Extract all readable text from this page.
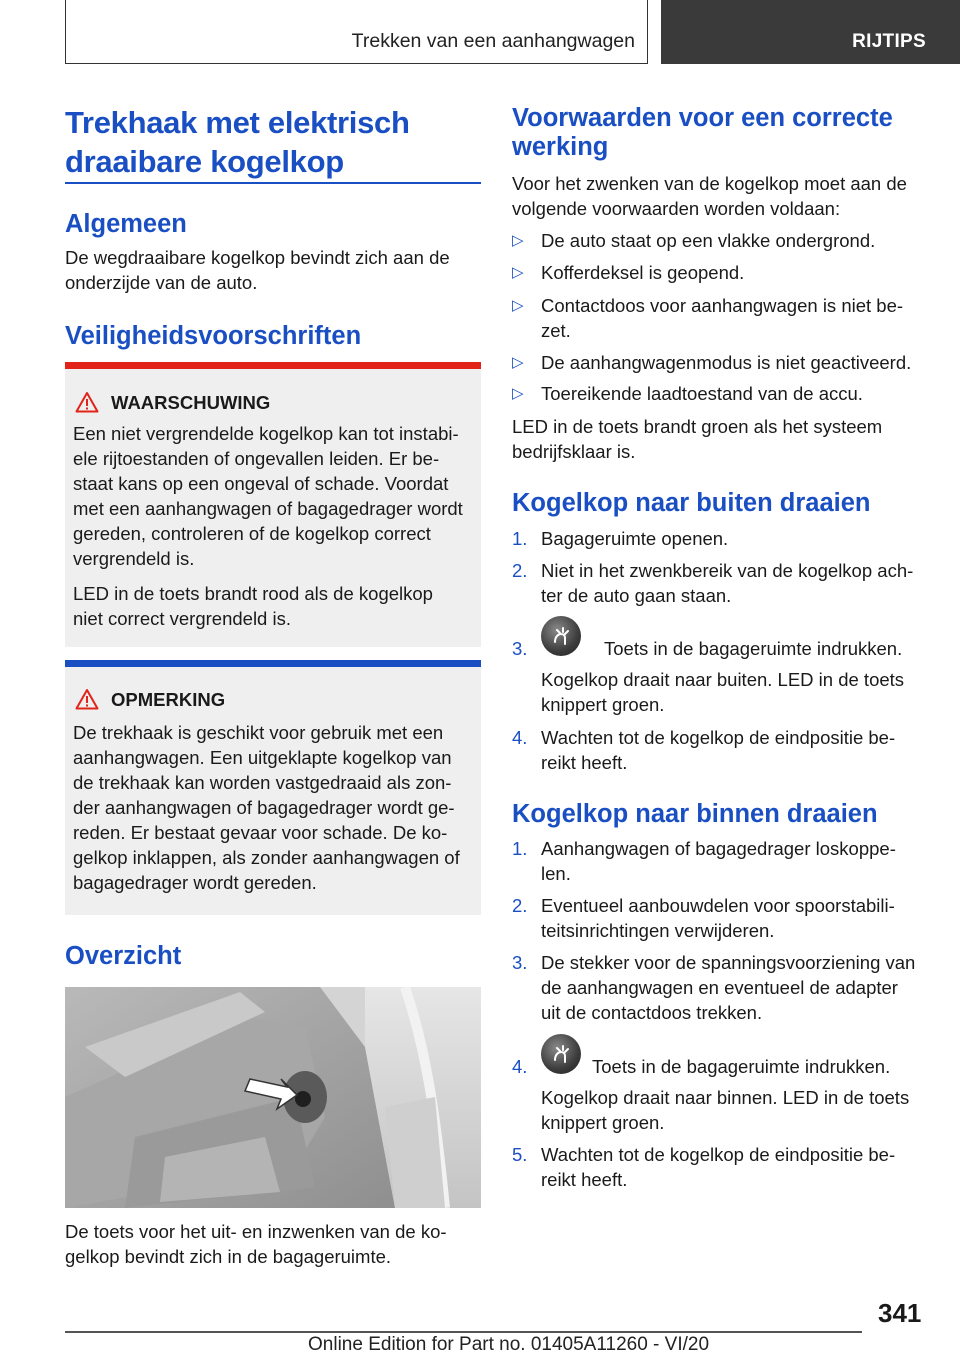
Trekken van een aanhangwagen	RIJTIPS
Trekhaak met elektrisch
draaibare kogelkop
Algemeen
De wegdraaibare kogelkop bevindt zich aan de
onderzijde van de auto.
Veiligheidsvoorschriften
WAARSCHUWING
Een niet vergrendelde kogelkop kan tot instabi-
ele rijtoestanden of ongevallen leiden. Er be-
staat kans op een ongeval of schade. Voordat
met een aanhangwagen of bagagedrager wordt
gereden, controleren of de kogelkop correct
vergrendeld is.
LED in de toets brandt rood als de kogelkop
niet correct vergrendeld is.
OPMERKING
De trekhaak is geschikt voor gebruik met een
aanhangwagen. Een uitgeklapte kogelkop van
de trekhaak kan worden vastgedraaid als zon-
der aanhangwagen of bagagedrager wordt ge-
reden. Er bestaat gevaar voor schade. De ko-
gelkop inklappen, als zonder aanhangwagen of
bagagedrager wordt gereden.
Overzicht
De toets voor het uit- en inzwenken van de ko-
gelkop bevindt zich in de bagageruimte.
Voorwaarden voor een correcte
werking
Voor het zwenken van de kogelkop moet aan de
volgende voorwaarden worden voldaan:
▷ De auto staat op een vlakke ondergrond.
▷ Kofferdeksel is geopend.
▷ Contactdoos voor aanhangwagen is niet be-
zet.
▷ De aanhangwagenmodus is niet geactiveerd.
▷ Toereikende laadtoestand van de accu.
LED in de toets brandt groen als het systeem
bedrijfsklaar is.
Kogelkop naar buiten draaien
1. Bagageruimte openen.
2. Niet in het zwenkbereik van de kogelkop ach-
ter de auto gaan staan.
3.	Toets in de bagageruimte indrukken.
Kogelkop draait naar buiten. LED in de toets
knippert groen.
4. Wachten tot de kogelkop de eindpositie be-
reikt heeft.
Kogelkop naar binnen draaien
1. Aanhangwagen of bagagedrager loskoppe-
len.
2. Eventueel aanbouwdelen voor spoorstabili-
teitsinrichtingen verwijderen.
3. De stekker voor de spanningsvoorziening van
de aanhangwagen en eventueel de adapter
uit de contactdoos trekken.
4.	Toets in de bagageruimte indrukken.
Kogelkop draait naar binnen. LED in de toets
knippert groen.
5. Wachten tot de kogelkop de eindpositie be-
reikt heeft.
341
Online Edition for Part no. 01405A11260 - VI/20
